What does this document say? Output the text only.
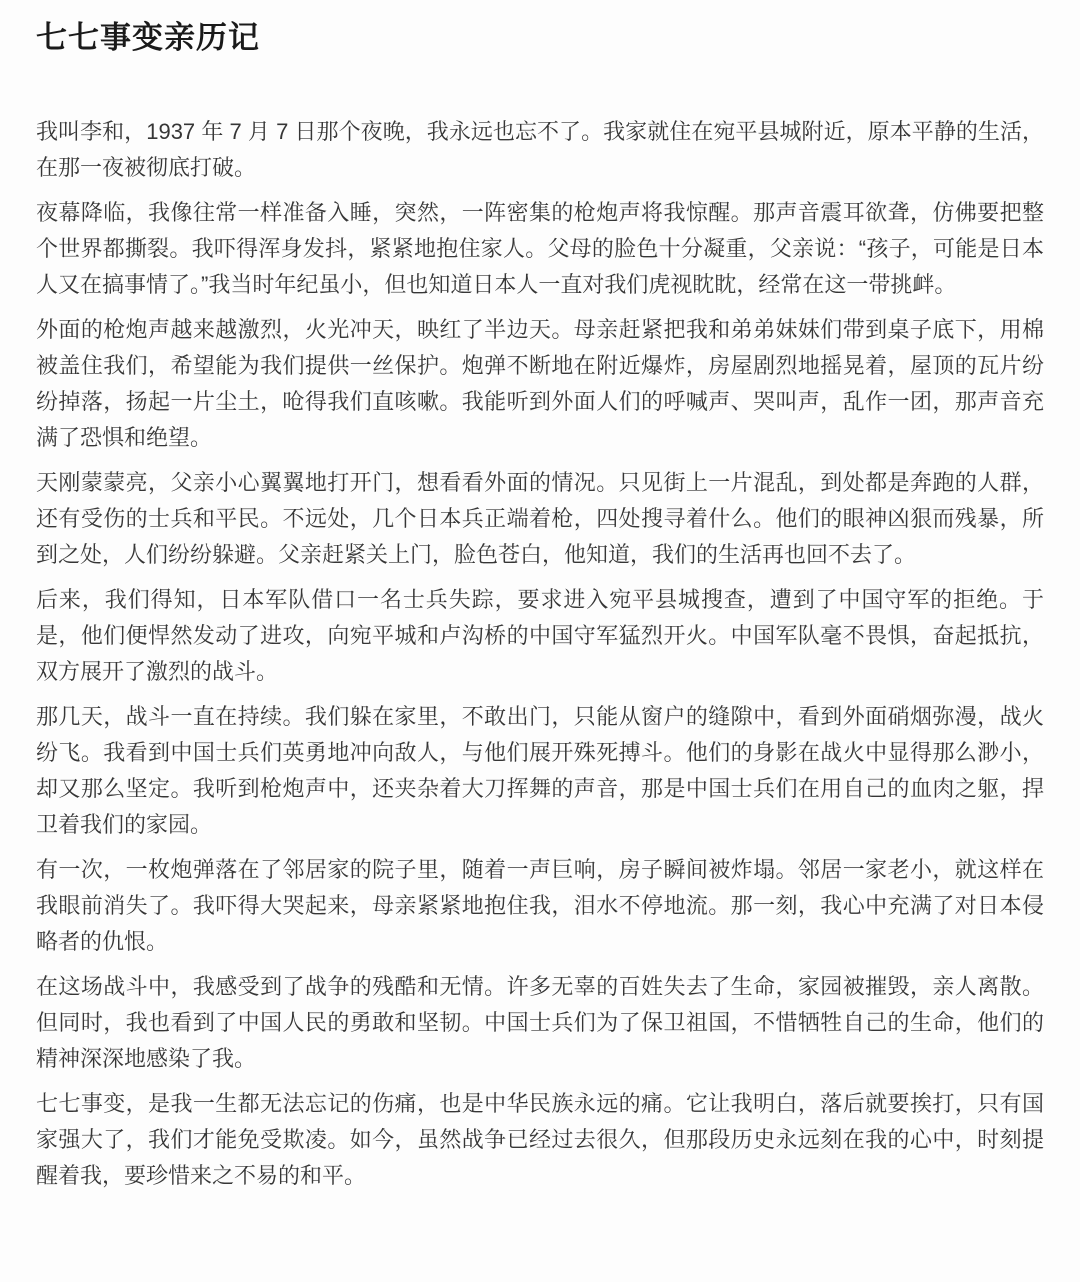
七七事变亲历记

我叫李和，1937 年 7 月 7 日那个夜晚，我永远也忘不了。我家就住在宛平县城附近，原本平静的生活，在那一夜被彻底打破。

夜幕降临，我像往常一样准备入睡，突然，一阵密集的枪炮声将我惊醒。那声音震耳欲聋，仿佛要把整个世界都撕裂。我吓得浑身发抖，紧紧地抱住家人。父母的脸色十分凝重，父亲说：“孩子，可能是日本人又在搞事情了。”我当时年纪虽小，但也知道日本人一直对我们虎视眈眈，经常在这一带挑衅。

外面的枪炮声越来越激烈，火光冲天，映红了半边天。母亲赶紧把我和弟弟妹妹们带到桌子底下，用棉被盖住我们，希望能为我们提供一丝保护。炮弹不断地在附近爆炸，房屋剧烈地摇晃着，屋顶的瓦片纷纷掉落，扬起一片尘土，呛得我们直咳嗽。我能听到外面人们的呼喊声、哭叫声，乱作一团，那声音充满了恐惧和绝望。

天刚蒙蒙亮，父亲小心翼翼地打开门，想看看外面的情况。只见街上一片混乱，到处都是奔跑的人群，还有受伤的士兵和平民。不远处，几个日本兵正端着枪，四处搜寻着什么。他们的眼神凶狠而残暴，所到之处，人们纷纷躲避。父亲赶紧关上门，脸色苍白，他知道，我们的生活再也回不去了。

后来，我们得知，日本军队借口一名士兵失踪，要求进入宛平县城搜查，遭到了中国守军的拒绝。于是，他们便悍然发动了进攻，向宛平城和卢沟桥的中国守军猛烈开火。中国军队毫不畏惧，奋起抵抗，双方展开了激烈的战斗。

那几天，战斗一直在持续。我们躲在家里，不敢出门，只能从窗户的缝隙中，看到外面硝烟弥漫，战火纷飞。我看到中国士兵们英勇地冲向敌人，与他们展开殊死搏斗。他们的身影在战火中显得那么渺小，却又那么坚定。我听到枪炮声中，还夹杂着大刀挥舞的声音，那是中国士兵们在用自己的血肉之躯，捍卫着我们的家园。

有一次，一枚炮弹落在了邻居家的院子里，随着一声巨响，房子瞬间被炸塌。邻居一家老小，就这样在我眼前消失了。我吓得大哭起来，母亲紧紧地抱住我，泪水不停地流。那一刻，我心中充满了对日本侵略者的仇恨。

在这场战斗中，我感受到了战争的残酷和无情。许多无辜的百姓失去了生命，家园被摧毁，亲人离散。但同时，我也看到了中国人民的勇敢和坚韧。中国士兵们为了保卫祖国，不惜牺牲自己的生命，他们的精神深深地感染了我。

七七事变，是我一生都无法忘记的伤痛，也是中华民族永远的痛。它让我明白，落后就要挨打，只有国家强大了，我们才能免受欺凌。如今，虽然战争已经过去很久，但那段历史永远刻在我的心中，时刻提醒着我，要珍惜来之不易的和平。
